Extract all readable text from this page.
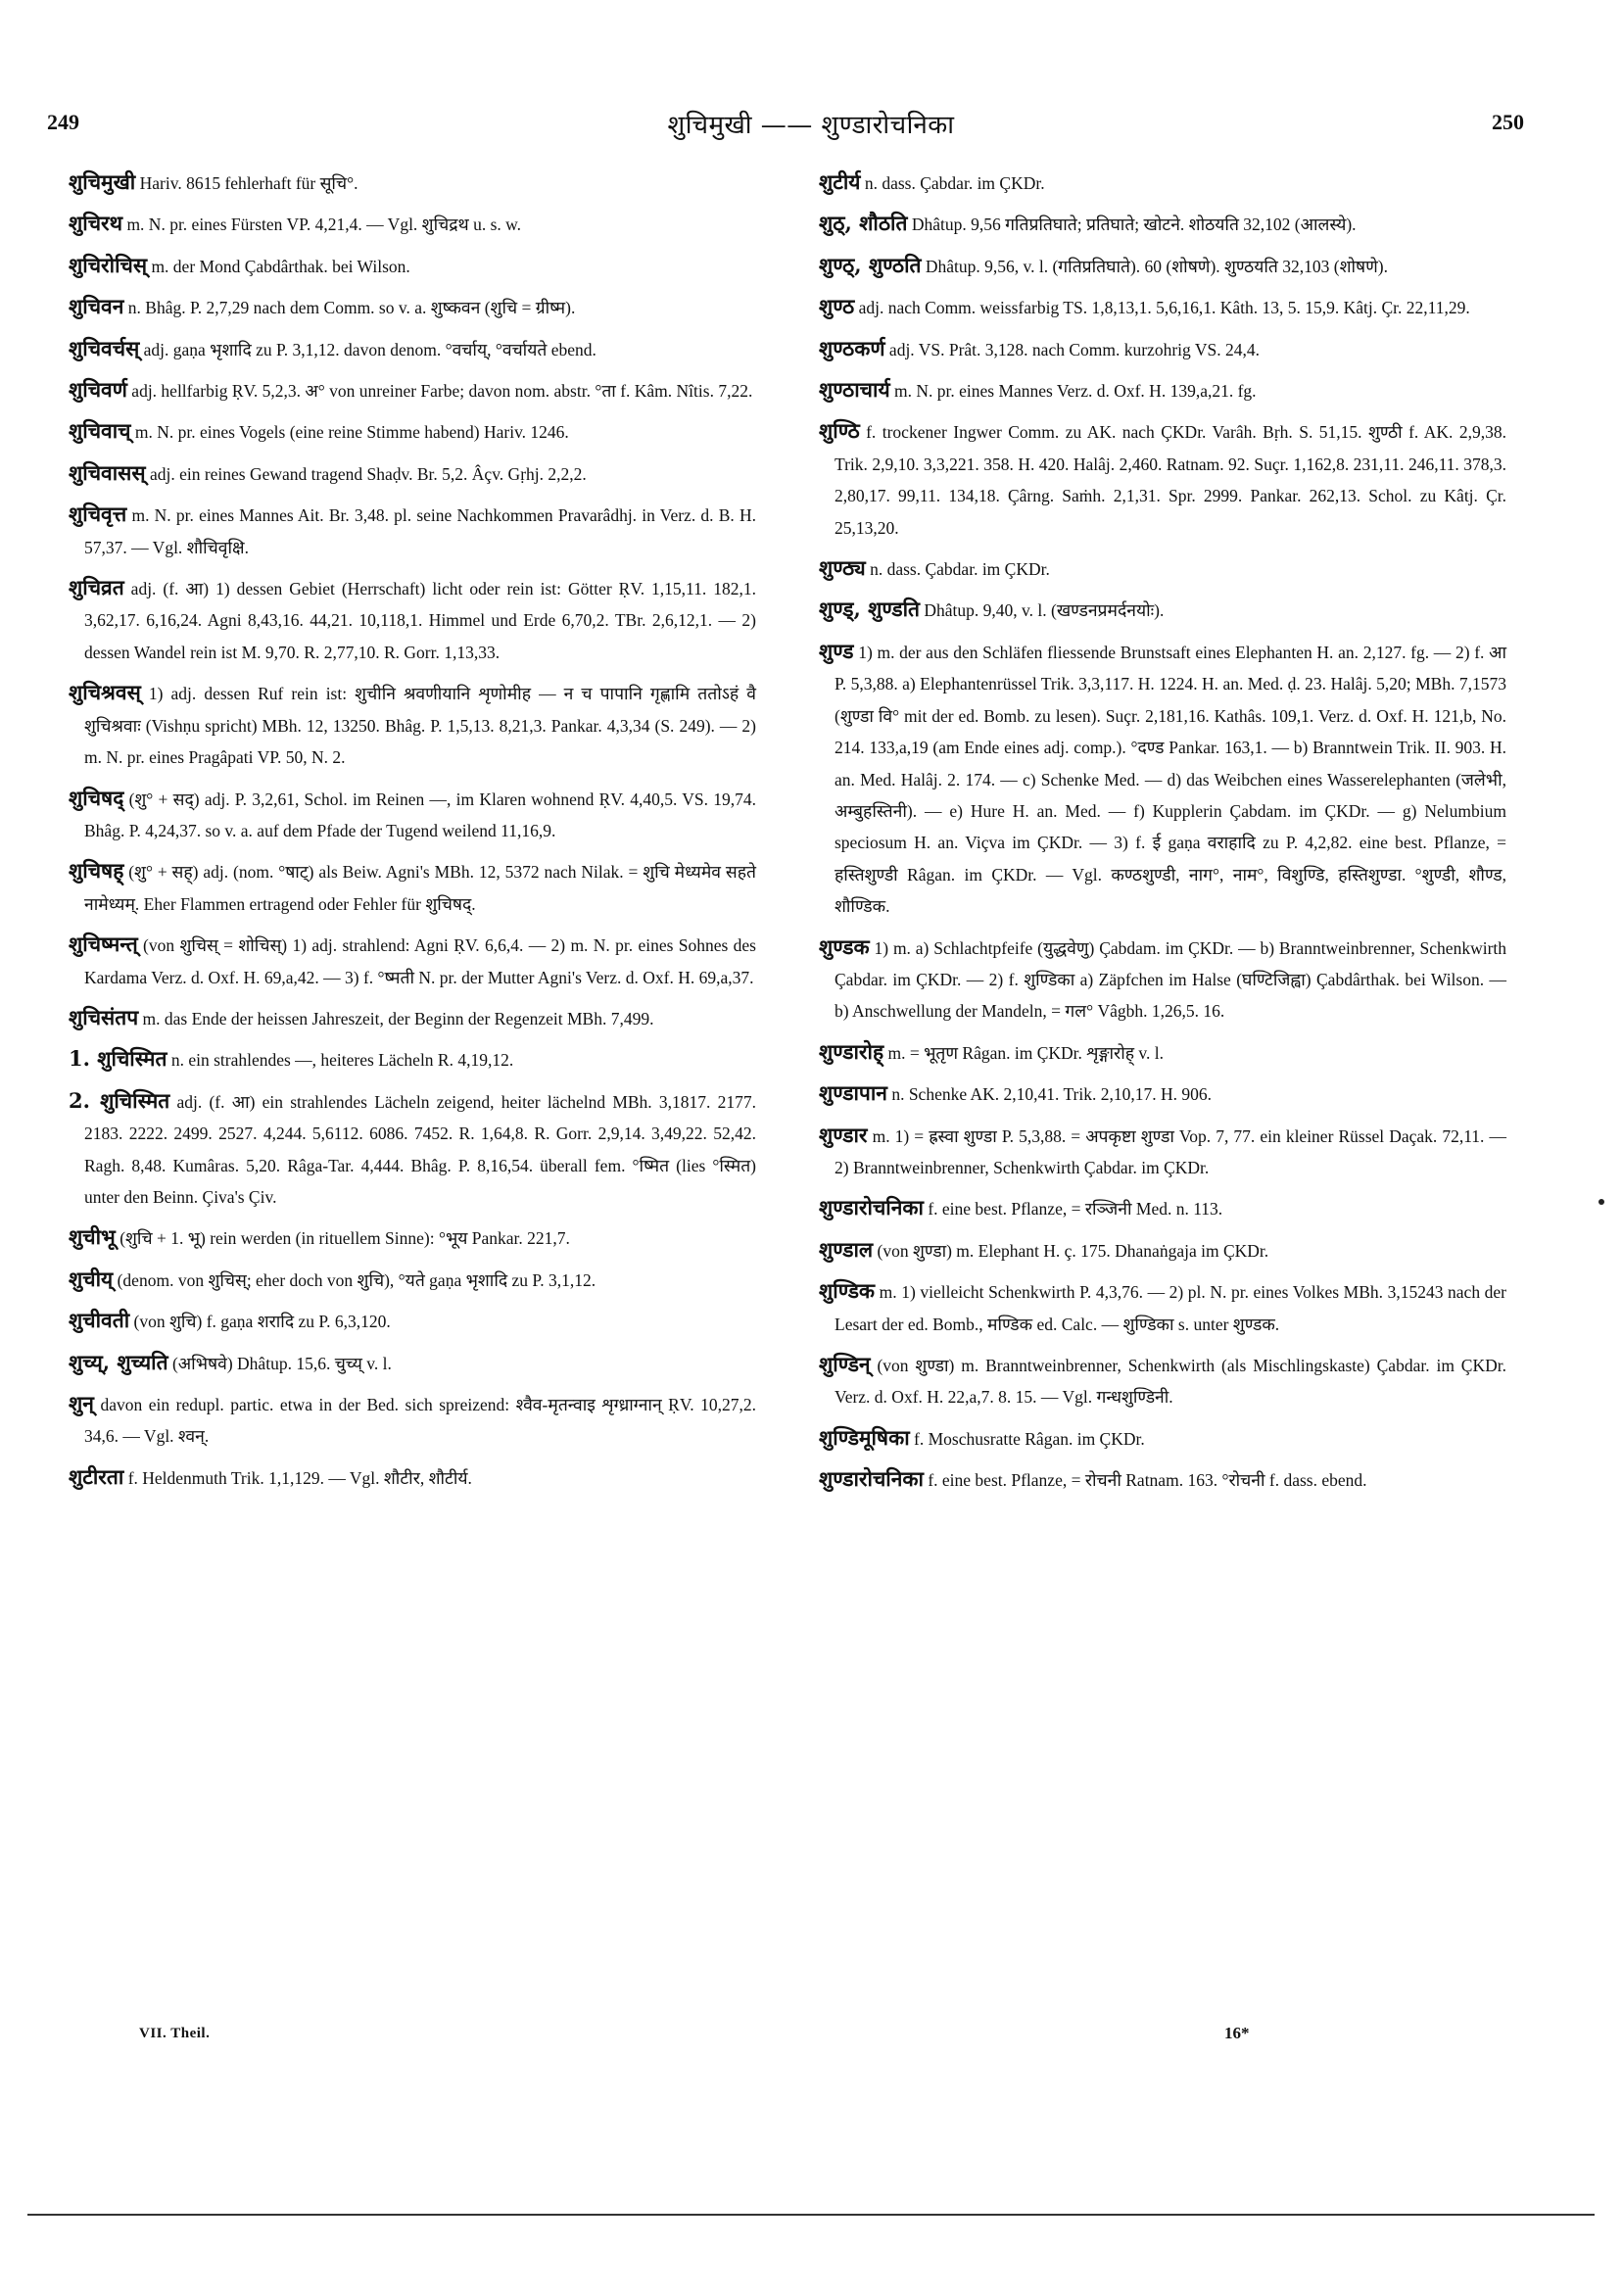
249	शुचिमुखी —— शुण्डारोचनिका	250

शुचिमुखी Hariv. 8615 fehlerhaft für सूचि°.

शुचिरथ m. N. pr. eines Fürsten VP. 4,21,4. — Vgl. शुचिद्रथ u. s. w.

शुचिरोचिस् m. der Mond Çabdârthak. bei Wilson.

शुचिवन n. Bhâg. P. 2,7,29 nach dem Comm. so v. a. शुष्कवन (शुचि = ग्रीष्म).

शुचिवर्चस् adj. gaṇa भृशादि zu P. 3,1,12. davon denom. °वर्चाय्, °वर्चायते ebend.

शुचिवर्ण adj. hellfarbig ṚV. 5,2,3. अ° von unreiner Farbe; davon nom. abstr. °ता f. Kâm. Nîtis. 7,22.

शुचिवाच् m. N. pr. eines Vogels (eine reine Stimme habend) Hariv. 1246.

शुचिवासस् adj. ein reines Gewand tragend Shaḍv. Br. 5,2. Âçv. Gṛhj. 2,2,2.

शुचिवृत्त m. N. pr. eines Mannes Ait. Br. 3,48. pl. seine Nachkommen Pravarâdhj. in Verz. d. B. H. 57,37. — Vgl. शौचिवृक्षि.

शुचिव्रत adj. (f. आ) 1) dessen Gebiet (Herrschaft) licht oder rein ist: Götter ṚV. 1,15,11. 182,1. 3,62,17. 6,16,24. Agni 8,43,16. 44,21. 10,118,1. Himmel und Erde 6,70,2. TBr. 2,6,12,1. — 2) dessen Wandel rein ist M. 9,70. R. 2,77,10. R. Gorr. 1,13,33.

शुचिश्रवस् 1) adj. dessen Ruf rein ist: शुचीनि श्रवणीयानि शृणोमीह — न च पापानि गृह्णामि ततोऽहं वै शुचिश्रवाः (Vishṇu spricht) MBh. 12, 13250. Bhâg. P. 1,5,13. 8,21,3. Pankar. 4,3,34 (S. 249). — 2) m. N. pr. eines Pragâpati VP. 50, N. 2.

शुचिषद् (शु° + सद्) adj. P. 3,2,61, Schol. im Reinen —, im Klaren wohnend ṚV. 4,40,5. VS. 19,74. Bhâg. P. 4,24,37. so v. a. auf dem Pfade der Tugend weilend 11,16,9.

शुचिषह् (शु° + सह्) adj. (nom. °षाट्) als Beiw. Agni's MBh. 12, 5372 nach Nilak. = शुचि मेध्यमेव सहते नामेध्यम्. Eher Flammen ertragend oder Fehler für शुचिषद्.

शुचिष्मन्त् (von शुचिस् = शोचिस्) 1) adj. strahlend: Agni ṚV. 6,6,4. — 2) m. N. pr. eines Sohnes des Kardama Verz. d. Oxf. H. 69,a,42. — 3) f. °ष्मती N. pr. der Mutter Agni's Verz. d. Oxf. H. 69,a,37.

शुचिसंतप m. das Ende der heissen Jahreszeit, der Beginn der Regenzeit MBh. 7,499.

1. शुचिस्मित n. ein strahlendes —, heiteres Lächeln R. 4,19,12.

2. शुचिस्मित adj. (f. आ) ein strahlendes Lächeln zeigend, heiter lächelnd MBh. 3,1817. 2177. 2183. 2222. 2499. 2527. 4,244. 5,6112. 6086. 7452. R. 1,64,8. R. Gorr. 2,9,14. 3,49,22. 52,42. Ragh. 8,48. Kumâras. 5,20. Râga-Tar. 4,444. Bhâg. P. 8,16,54. überall fem. °ष्मित (lies °स्मित) unter den Beinn. Çiva's Çiv.

शुचीभू (शुचि + 1. भू) rein werden (in rituellem Sinne): °भूय Pankar. 221,7.

शुचीय् (denom. von शुचिस्; eher doch von शुचि), °यते gaṇa भृशादि zu P. 3,1,12.

शुचीवती (von शुचि) f. gaṇa शरादि zu P. 6,3,120.

शुच्य्, शुच्यति (अभिषवे) Dhâtup. 15,6. चुच्य् v. l.

शुन् davon ein redupl. partic. etwa in der Bed. sich spreizend: श्वैव-मृतन्वाइ शृग्ध्राग्नान् ṚV. 10,27,2. 34,6. — Vgl. श्वन्.

शुटीरता f. Heldenmuth Trik. 1,1,129. — Vgl. शौटीर, शौटीर्य.

शुटीर्य n. dass. Çabdar. im ÇKDr.

शुठ्, शौठति Dhâtup. 9,56 गतिप्रतिघाते; प्रतिघाते; खोटने. शोठयति 32,102 (आलस्ये).

शुण्ठ्, शुण्ठति Dhâtup. 9,56, v. l. (गतिप्रतिघाते). 60 (शोषणे). शुण्ठयति 32,103 (शोषणे).

शुण्ठ adj. nach Comm. weissfarbig TS. 1,8,13,1. 5,6,16,1. Kâth. 13, 5. 15,9. Kâtj. Çr. 22,11,29.

शुण्ठकर्ण adj. VS. Prât. 3,128. nach Comm. kurzohrig VS. 24,4.

शुण्ठाचार्य m. N. pr. eines Mannes Verz. d. Oxf. H. 139,a,21. fg.

शुण्ठि f. trockener Ingwer Comm. zu AK. nach ÇKDr. Varâh. Bṛh. S. 51,15. शुण्ठी f. AK. 2,9,38. Trik. 2,9,10. 3,3,221. 358. H. 420. Halâj. 2,460. Ratnam. 92. Suçr. 1,162,8. 231,11. 246,11. 378,3. 2,80,17. 99,11. 134,18. Çârng. Saṁh. 2,1,31. Spr. 2999. Pankar. 262,13. Schol. zu Kâtj. Çr. 25,13,20.

शुण्ठ्य n. dass. Çabdar. im ÇKDr.

शुण्ड्, शुण्डति Dhâtup. 9,40, v. l. (खण्डनप्रमर्दनयोः).

शुण्ड 1) m. der aus den Schläfen fliessende Brunstsaft eines Elephanten H. an. 2,127. fg. — 2) f. आ P. 5,3,88. a) Elephantenrüssel Trik. 3,3,117. H. 1224. H. an. Med. ḍ. 23. Halâj. 5,20; MBh. 7,1573 (शुण्डा वि° mit der ed. Bomb. zu lesen). Suçr. 2,181,16. Kathâs. 109,1. Verz. d. Oxf. H. 121,b, No. 214. 133,a,19 (am Ende eines adj. comp.). °दण्ड Pankar. 163,1. — b) Branntwein Trik. II. 903. H. an. Med. Halâj. 2. 174. — c) Schenke Med. — d) das Weibchen eines Wasserelephanten (जलेभी, अम्बुहस्तिनी). — e) Hure H. an. Med. — f) Kupplerin Çabdam. im ÇKDr. — g) Nelumbium speciosum H. an. Viçva im ÇKDr. — 3) f. ई gaṇa वराहादि zu P. 4,2,82. eine best. Pflanze, = हस्तिशुण्डी Râgan. im ÇKDr. — Vgl. कण्ठशुण्डी, नाग°, नाम°, विशुण्डि, हस्तिशुण्डा. °शुण्डी, शौण्ड, शौण्डिक.

शुण्डक 1) m. a) Schlachtpfeife (युद्धवेणु) Çabdam. im ÇKDr. — b) Branntweinbrenner, Schenkwirth Çabdar. im ÇKDr. — 2) f. शुण्डिका a) Zäpfchen im Halse (घण्टिजिह्वा) Çabdârthak. bei Wilson. — b) Anschwellung der Mandeln, = गल° Vâgbh. 1,26,5. 16.

शुण्डारोह् m. = भूतृण Râgan. im ÇKDr. शृङ्गारोह् v. l.

शुण्डापान n. Schenke AK. 2,10,41. Trik. 2,10,17. H. 906.

शुण्डार m. 1) = ह्रस्वा शुण्डा P. 5,3,88. = अपकृष्टा शुण्डा Vop. 7, 77. ein kleiner Rüssel Daçak. 72,11. — 2) Branntweinbrenner, Schenkwirth Çabdar. im ÇKDr.

शुण्डारोचनिका f. eine best. Pflanze, = रञ्जिनी Med. n. 113.

शुण्डाल (von शुण्डा) m. Elephant H. ç. 175. Dhanaṅgaja im ÇKDr.

शुण्डिक m. 1) vielleicht Schenkwirth P. 4,3,76. — 2) pl. N. pr. eines Volkes MBh. 3,15243 nach der Lesart der ed. Bomb., मण्डिक ed. Calc. — शुण्डिका s. unter शुण्डक.

शुण्डिन् (von शुण्डा) m. Branntweinbrenner, Schenkwirth (als Mischlingskaste) Çabdar. im ÇKDr. Verz. d. Oxf. H. 22,a,7. 8. 15. — Vgl. गन्धशुण्डिनी.

शुण्डिमूषिका f. Moschusratte Râgan. im ÇKDr.

शुण्डारोचनिका f. eine best. Pflanze, = रोचनी Ratnam. 163. °रोचनी f. dass. ebend.

VII. Theil.	16*
